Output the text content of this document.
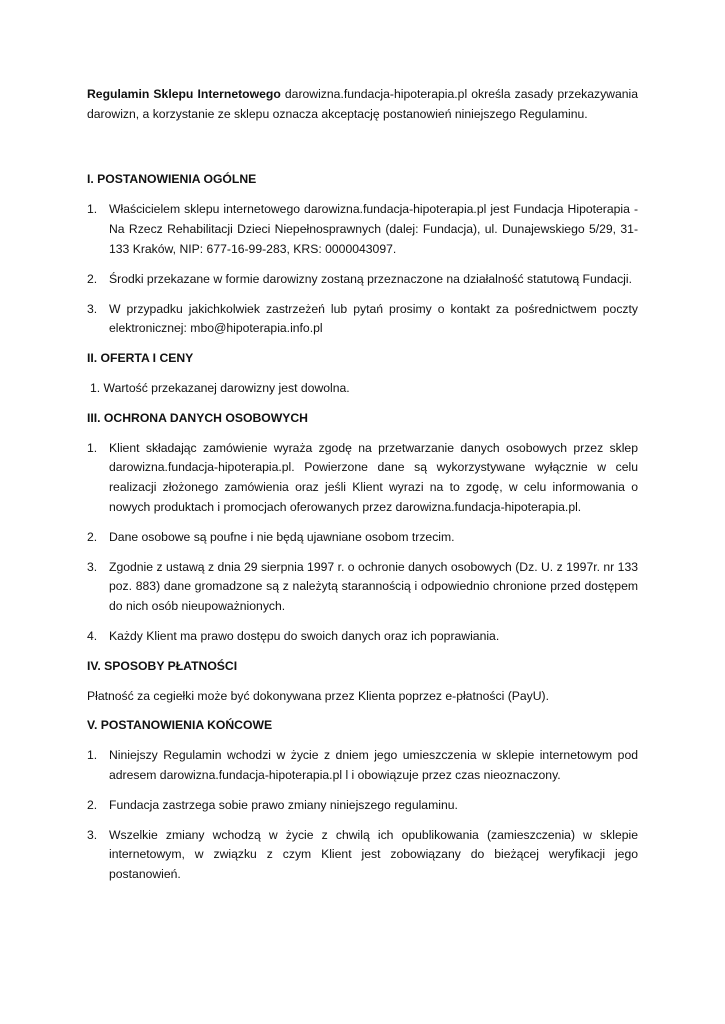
Regulamin Sklepu Internetowego darowizna.fundacja-hipoterapia.pl określa zasady przekazywania darowizn, a korzystanie ze sklepu oznacza akceptację postanowień niniejszego Regulaminu.

I. POSTANOWIENIA OGÓLNE

1. Właścicielem sklepu internetowego darowizna.fundacja-hipoterapia.pl jest Fundacja Hipoterapia - Na Rzecz Rehabilitacji Dzieci Niepełnosprawnych (dalej: Fundacja), ul. Dunajewskiego 5/29, 31-133 Kraków, NIP: 677-16-99-283, KRS: 0000043097.
2. Środki przekazane w formie darowizny zostaną przeznaczone na działalność statutową Fundacji.
3. W przypadku jakichkolwiek zastrzeżeń lub pytań prosimy o kontakt za pośrednictwem poczty elektronicznej: mbo@hipoterapia.info.pl

II. OFERTA I CENY

1. Wartość przekazanej darowizny jest dowolna.

III. OCHRONA DANYCH OSOBOWYCH

1. Klient składając zamówienie wyraża zgodę na przetwarzanie danych osobowych przez sklep darowizna.fundacja-hipoterapia.pl. Powierzone dane są wykorzystywane wyłącznie w celu realizacji złożonego zamówienia oraz jeśli Klient wyrazi na to zgodę, w celu informowania o nowych produktach i promocjach oferowanych przez darowizna.fundacja-hipoterapia.pl.
2. Dane osobowe są poufne i nie będą ujawniane osobom trzecim.
3. Zgodnie z ustawą z dnia 29 sierpnia 1997 r. o ochronie danych osobowych (Dz. U. z 1997r. nr 133 poz. 883) dane gromadzone są z należytą starannością i odpowiednio chronione przed dostępem do nich osób nieupoważnionych.
4. Każdy Klient ma prawo dostępu do swoich danych oraz ich poprawiania.

IV. SPOSOBY PŁATNOŚCI

Płatność za cegiełki może być dokonywana przez Klienta poprzez e-płatności (PayU).

V. POSTANOWIENIA KOŃCOWE

1. Niniejszy Regulamin wchodzi w życie z dniem jego umieszczenia w sklepie internetowym pod adresem darowizna.fundacja-hipoterapia.pl l i obowiązuje przez czas nieoznaczony.
2. Fundacja zastrzega sobie prawo zmiany niniejszego regulaminu.
3. Wszelkie zmiany wchodzą w życie z chwilą ich opublikowania (zamieszczenia) w sklepie internetowym, w związku z czym Klient jest zobowiązany do bieżącej weryfikacji jego postanowień.
